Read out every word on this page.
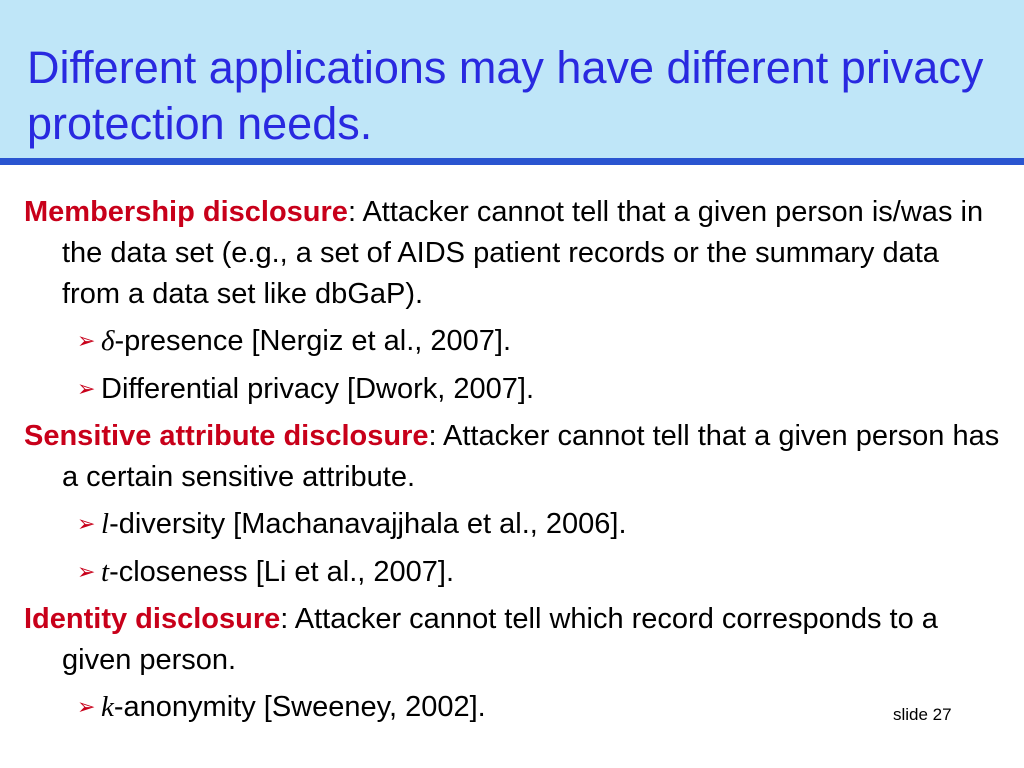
Different applications may have different privacy protection needs.
Membership disclosure: Attacker cannot tell that a given person is/was in the data set (e.g., a set of AIDS patient records or the summary data from a data set like dbGaP).
➢ δ-presence [Nergiz et al., 2007].
➢ Differential privacy [Dwork, 2007].
Sensitive attribute disclosure: Attacker cannot tell that a given person has a certain sensitive attribute.
➢ l-diversity [Machanavajjhala et al., 2006].
➢ t-closeness [Li et al., 2007].
Identity disclosure: Attacker cannot tell which record corresponds to a given person.
➢ k-anonymity [Sweeney, 2002].	slide 27
